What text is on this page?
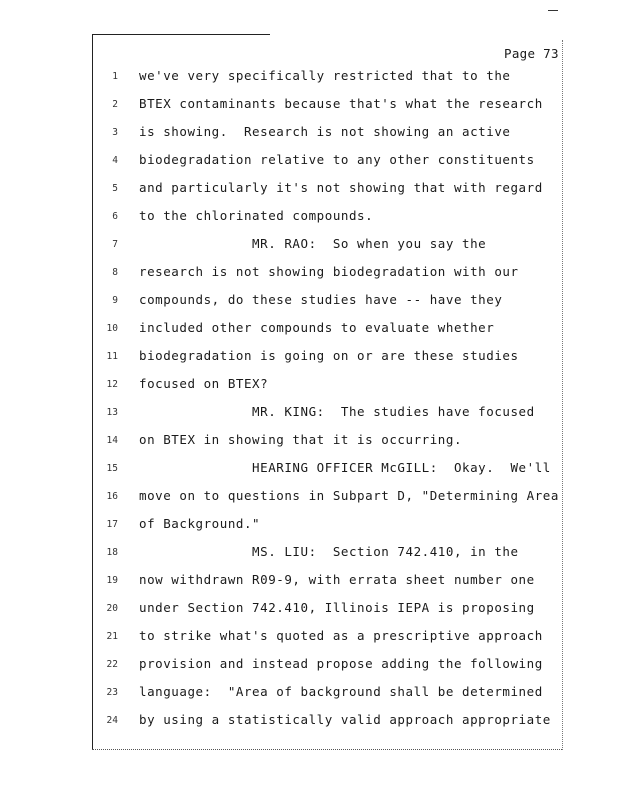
Page 73
1 we've very specifically restricted that to the
2 BTEX contaminants because that's what the research
3 is showing.  Research is not showing an active
4 biodegradation relative to any other constituents
5 and particularly it's not showing that with regard
6 to the chlorinated compounds.
7 MR. RAO:  So when you say the
8 research is not showing biodegradation with our
9 compounds, do these studies have -- have they
10 included other compounds to evaluate whether
11 biodegradation is going on or are these studies
12 focused on BTEX?
13 MR. KING:  The studies have focused
14 on BTEX in showing that it is occurring.
15 HEARING OFFICER McGILL:  Okay.  We'll
16 move on to questions in Subpart D, "Determining Area
17 of Background."
18 MS. LIU:  Section 742.410, in the
19 now withdrawn R09-9, with errata sheet number one
20 under Section 742.410, Illinois IEPA is proposing
21 to strike what's quoted as a prescriptive approach
22 provision and instead propose adding the following
23 language:  "Area of background shall be determined
24 by using a statistically valid approach appropriate
